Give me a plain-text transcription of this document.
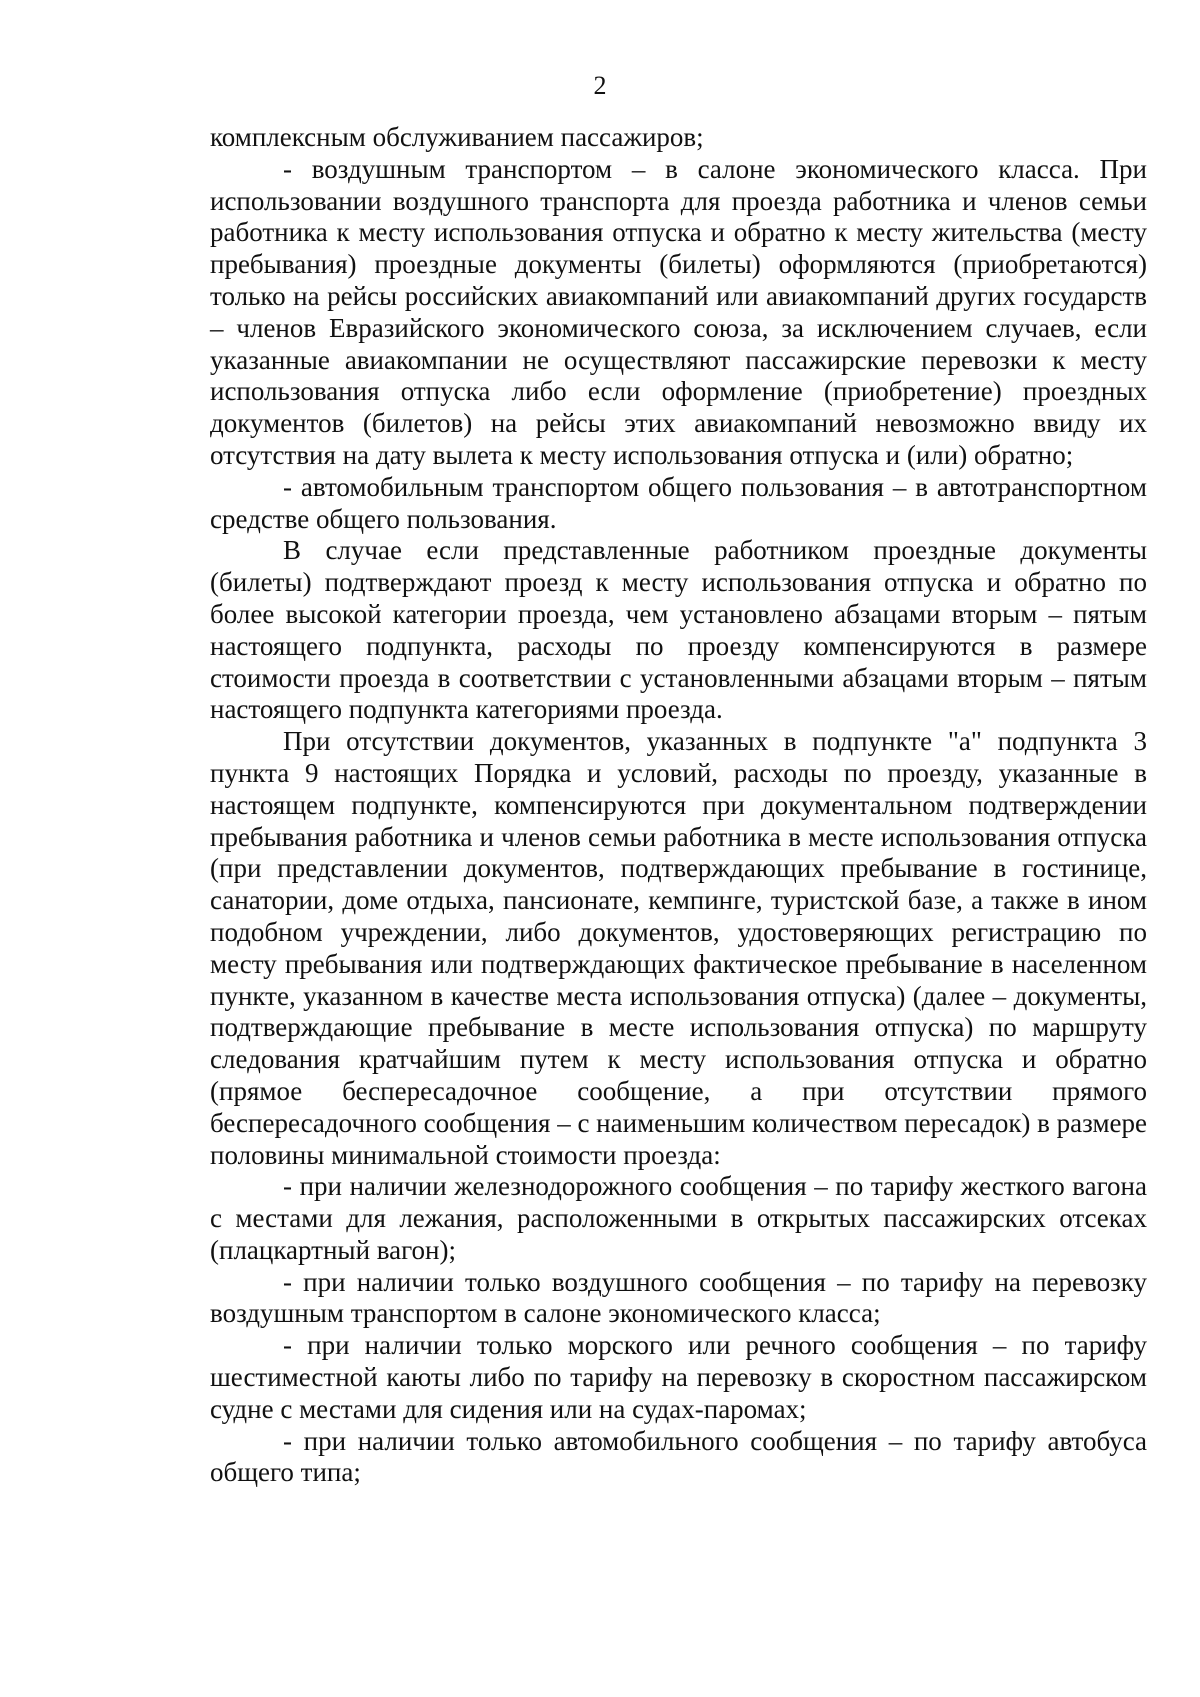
2

комплексным обслуживанием пассажиров;

- воздушным транспортом – в салоне экономического класса. При использовании воздушного транспорта для проезда работника и членов семьи работника к месту использования отпуска и обратно к месту жительства (месту пребывания) проездные документы (билеты) оформляются (приобретаются) только на рейсы российских авиакомпаний или авиакомпаний других государств – членов Евразийского экономического союза, за исключением случаев, если указанные авиакомпании не осуществляют пассажирские перевозки к месту использования отпуска либо если оформление (приобретение) проездных документов (билетов) на рейсы этих авиакомпаний невозможно ввиду их отсутствия на дату вылета к месту использования отпуска и (или) обратно;

- автомобильным транспортом общего пользования – в автотранспортном средстве общего пользования.

В случае если представленные работником проездные документы (билеты) подтверждают проезд к месту использования отпуска и обратно по более высокой категории проезда, чем установлено абзацами вторым – пятым настоящего подпункта, расходы по проезду компенсируются в размере стоимости проезда в соответствии с установленными абзацами вторым – пятым настоящего подпункта категориями проезда.

При отсутствии документов, указанных в подпункте "а" подпункта 3 пункта 9 настоящих Порядка и условий, расходы по проезду, указанные в настоящем подпункте, компенсируются при документальном подтверждении пребывания работника и членов семьи работника в месте использования отпуска (при представлении документов, подтверждающих пребывание в гостинице, санатории, доме отдыха, пансионате, кемпинге, туристской базе, а также в ином подобном учреждении, либо документов, удостоверяющих регистрацию по месту пребывания или подтверждающих фактическое пребывание в населенном пункте, указанном в качестве места использования отпуска) (далее – документы, подтверждающие пребывание в месте использования отпуска) по маршруту следования кратчайшим путем к месту использования отпуска и обратно (прямое беспересадочное сообщение, а при отсутствии прямого беспересадочного сообщения – с наименьшим количеством пересадок) в размере половины минимальной стоимости проезда:

- при наличии железнодорожного сообщения – по тарифу жесткого вагона с местами для лежания, расположенными в открытых пассажирских отсеках (плацкартный вагон);

- при наличии только воздушного сообщения – по тарифу на перевозку воздушным транспортом в салоне экономического класса;

- при наличии только морского или речного сообщения – по тарифу шестиместной каюты либо по тарифу на перевозку в скоростном пассажирском судне с местами для сидения или на судах-паромах;

- при наличии только автомобильного сообщения – по тарифу автобуса общего типа;
